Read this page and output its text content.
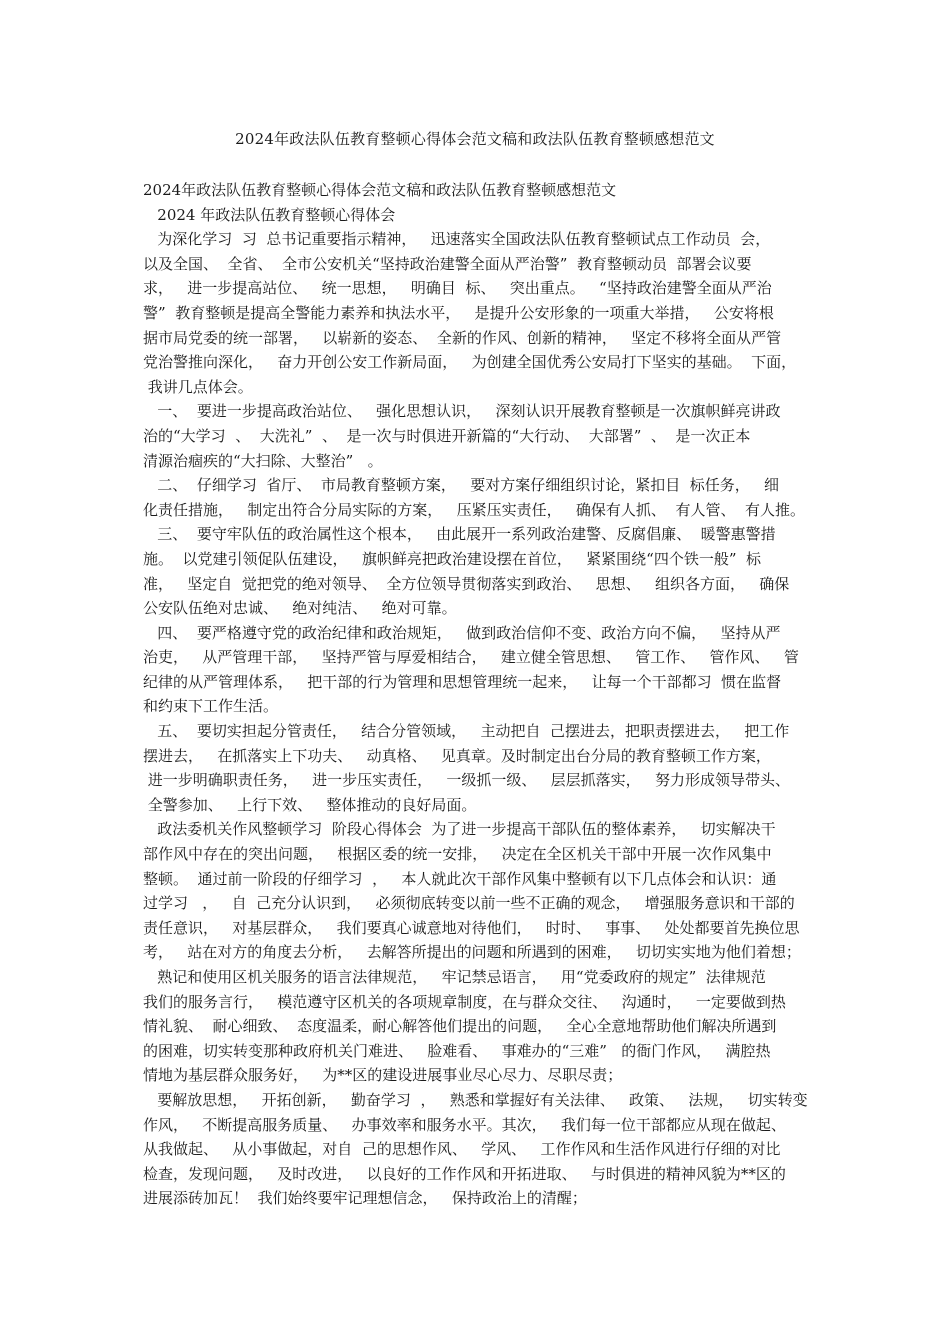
2024年政法队伍教育整顿心得体会范文稿和政法队伍教育整顿感想范文
2024年政法队伍教育整顿心得体会范文稿和政法队伍教育整顿感想范文
2024 年政法队伍教育整顿心得体会
为深化学习  习  总书记重要指示精神，   迅速落实全国政法队伍教育整顿试点工作动员  会，
以及全国、  全省、  全市公安机关“坚持政治建警全面从严治警”  教育整顿动员  部署会议要
求，   进一步提高站位、   统一思想，   明确目  标、   突出重点。   “坚持政治建警全面从严治
警”  教育整顿是提高全警能力素养和执法水平，   是提升公安形象的一项重大举措，   公安将根
据市局党委的统一部署，   以崭新的姿态、  全新的作风、创新的精神，   坚定不移将全面从严管
党治警推向深化，   奋力开创公安工作新局面，   为创建全国优秀公安局打下坚实的基础。  下面，
我讲几点体会。
一、  要进一步提高政治站位、   强化思想认识，   深刻认识开展教育整顿是一次旗帜鲜亮讲政
治的“大学习  、  大洗礼”  、  是一次与时俱进开新篇的“大行动、  大部署”  、  是一次正本
清源治痼疾的“大扫除、大整治”   。
二、  仔细学习  省厅、  市局教育整顿方案，   要对方案仔细组织讨论，紧扣目  标任务，   细
化责任措施，   制定出符合分局实际的方案，   压紧压实责任，   确保有人抓、  有人管、  有人推。
三、  要守牢队伍的政治属性这个根本，   由此展开一系列政治建警、反腐倡廉、  暖警惠警措
施。  以党建引领促队伍建设，   旗帜鲜亮把政治建设摆在首位，   紧紧围绕“四个铁一般”  标
准，   坚定自  觉把党的绝对领导、  全方位领导贯彻落实到政治、   思想、   组织各方面，   确保
公安队伍绝对忠诚、   绝对纯洁、   绝对可靠。
四、  要严格遵守党的政治纪律和政治规矩，   做到政治信仰不变、政治方向不偏，   坚持从严
治吏，   从严管理干部，   坚持严管与厚爱相结合，   建立健全管思想、   管工作、   管作风、   管
纪律的从严管理体系，   把干部的行为管理和思想管理统一起来，   让每一个干部都习  惯在监督
和约束下工作生活。
五、  要切实担起分管责任，   结合分管领域，   主动把自  己摆进去，把职责摆进去，   把工作
摆进去，   在抓落实上下功夫、   动真格、   见真章。及时制定出台分局的教育整顿工作方案，
进一步明确职责任务，   进一步压实责任，   一级抓一级、   层层抓落实，   努力形成领导带头、
全警参加、   上行下效、   整体推动的良好局面。
政法委机关作风整顿学习  阶段心得体会  为了进一步提高干部队伍的整体素养，   切实解决干
部作风中存在的突出问题，   根据区委的统一安排，   决定在全区机关干部中开展一次作风集中
整顿。  通过前一阶段的仔细学习  ，   本人就此次干部作风集中整顿有以下几点体会和认识：通
过学习   ，   自  己充分认识到，   必须彻底转变以前一些不正确的观念，   增强服务意识和干部的
责任意识，   对基层群众，   我们要真心诚意地对待他们，   时时、   事事、   处处都要首先换位思
考，   站在对方的角度去分析，   去解答所提出的问题和所遇到的困难，   切切实实地为他们着想；
熟记和使用区机关服务的语言法律规范，   牢记禁忌语言，   用“党委政府的规定”  法律规范
我们的服务言行，   模范遵守区机关的各项规章制度，在与群众交往、   沟通时，   一定要做到热
情礼貌、  耐心细致、  态度温柔，耐心解答他们提出的问题，   全心全意地帮助他们解决所遇到
的困难，切实转变那种政府机关门难进、   脸难看、   事难办的“三难”   的衙门作风，   满腔热
情地为基层群众服务好，   为**区的建设进展事业尽心尽力、尽职尽责；
要解放思想，   开拓创新，   勤奋学习  ，   熟悉和掌握好有关法律、   政策、   法规，   切实转变
作风，   不断提高服务质量、   办事效率和服务水平。其次，   我们每一位干部都应从现在做起、
从我做起、   从小事做起，对自  己的思想作风、   学风、   工作作风和生活作风进行仔细的对比
检查，发现问题，   及时改进，   以良好的工作作风和开拓进取、   与时俱进的精神风貌为**区的
进展添砖加瓦！  我们始终要牢记理想信念，   保持政治上的清醒；
